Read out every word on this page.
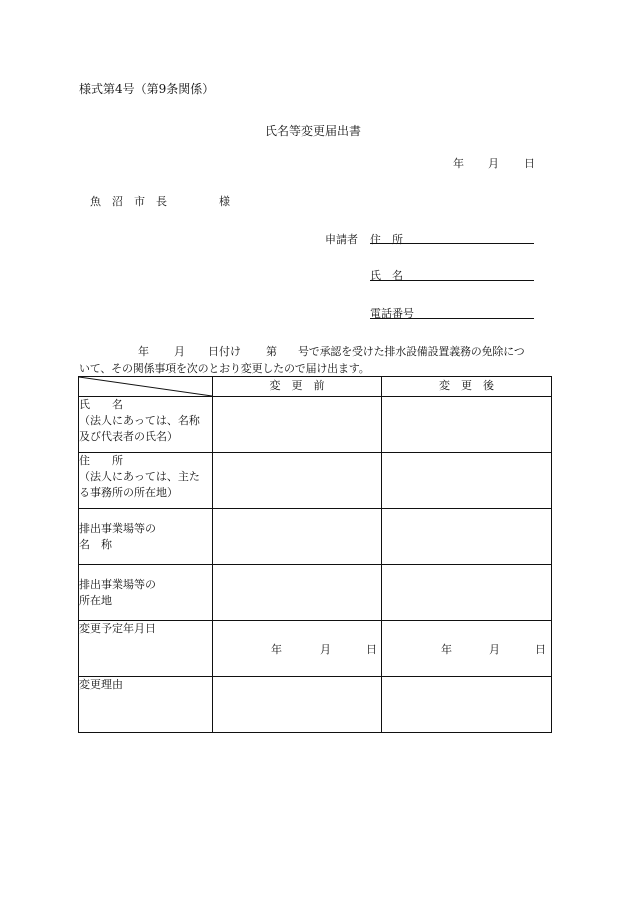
様式第4号（第9条関係）
氏名等変更届出書
年 月 日
魚　沼　市　長	様
申請者 住　所
氏　名
電話番号
年 月 日付け 第 号で承認を受けた排水設備設置義務の免除につ
いて、その関係事項を次のとおり変更したので届け出ます。
	変　更　前	変　更　後

氏　　名
（法人にあっては、名称
及び代表者の氏名）		

住　　所
（法人にあっては、主た
る事務所の所在地）		

排出事業場等の
名　称		

排出事業場等の
所在地		

変更予定年月日	年 月 日	年 月 日

変更理由		
